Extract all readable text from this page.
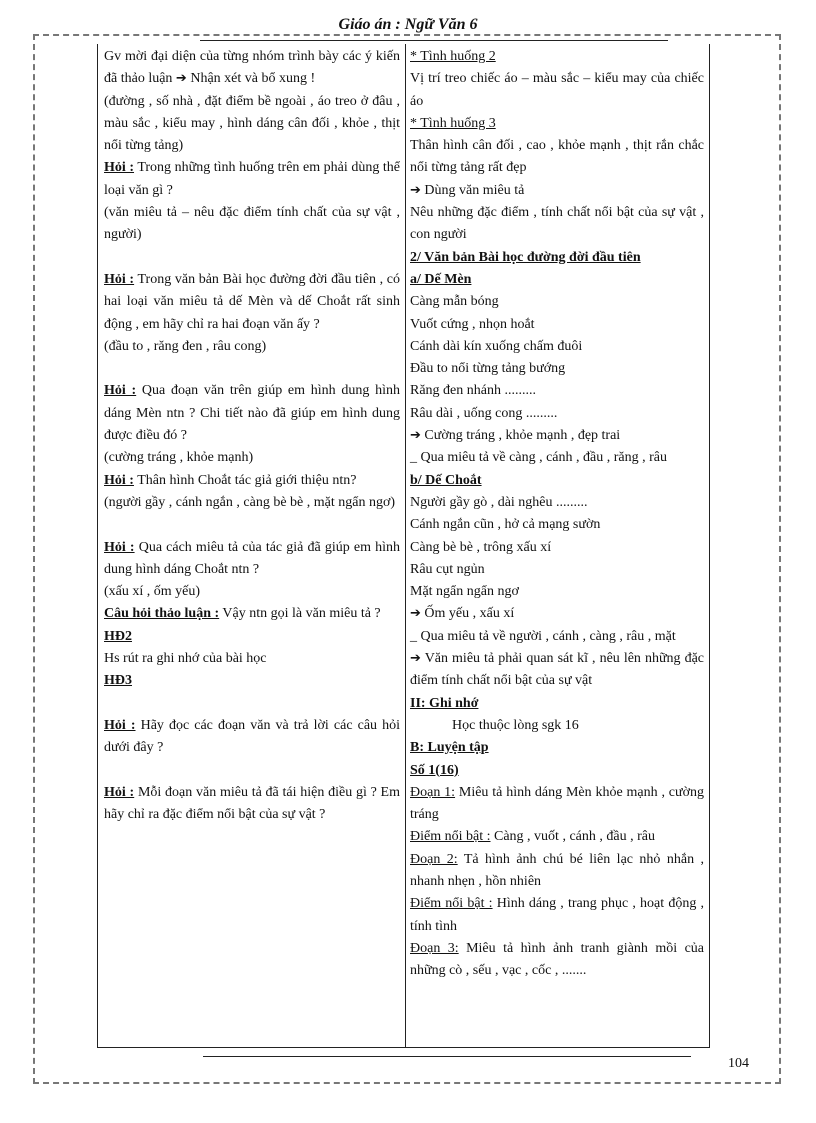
Giáo án : Ngữ Văn 6

Gv mời đại diện của từng nhóm trình bày các ý kiến đã thảo luận ➔ Nhận xét và bổ xung !

(đường , số nhà , đặt điểm bề ngoài , áo treo ở đâu , màu sắc , kiểu may , hình dáng cân đối , khỏe , thịt nổi từng tảng)

Hỏi : Trong những tình huống trên em phải dùng thể loại văn gì ?

(văn miêu tả – nêu đặc điểm tính chất của sự vật , người)

Hỏi : Trong văn bản Bài học đường đời đầu tiên , có hai loại văn miêu tả dế Mèn và dế Choắt rất sinh động , em hãy chỉ ra hai đoạn văn ấy ?

(đầu to , răng đen , râu cong)

Hỏi : Qua đoạn văn trên giúp em hình dung hình dáng Mèn ntn ? Chi tiết nào đã giúp em hình dung được điều đó ?

(cường tráng , khỏe mạnh)

Hỏi : Thân hình Choắt tác giả giới thiệu ntn?

(người gầy , cánh ngắn , càng bè bè , mặt ngẩn ngơ)

Hỏi : Qua cách miêu tả của tác giả đã giúp em hình dung hình dáng Choắt ntn ?

(xấu xí , ốm yếu)

Câu hỏi thảo luận : Vậy ntn gọi là văn miêu tả ?

HĐ2

Hs rút ra ghi nhớ của bài học

HĐ3

Hỏi : Hãy đọc các đoạn văn và trả lời các câu hỏi dưới đây ?

Hỏi : Mỗi đoạn văn miêu tả đã tái hiện điều gì ? Em hãy chỉ ra đặc điểm nổi bật của sự vật ?

* Tình huống 2

Vị trí treo chiếc áo – màu sắc – kiểu may của chiếc áo

* Tình huống 3

Thân hình cân đối , cao , khỏe mạnh , thịt rắn chắc nổi từng tảng rất đẹp

➔ Dùng văn miêu tả

Nêu những đặc điểm , tính chất nổi bật của sự vật , con người

2/ Văn bản Bài học đường đời đầu tiên

a/ Dế Mèn

Càng mẫn bóng

Vuốt cứng , nhọn hoắt

Cánh dài kín xuống chấm đuôi

Đầu to nổi từng tảng bướng

Răng đen nhánh .........

Râu dài , uống cong .........

➔ Cường tráng , khỏe mạnh , đẹp trai

_ Qua miêu tả về càng , cánh , đầu , răng , râu

b/ Dế Choắt

Người gầy gò , dài nghêu .........

Cánh ngắn cũn , hở cả mạng sườn

Càng bè bè , trông xấu xí

Râu cụt ngủn

Mặt ngẩn ngẩn ngơ

➔ Ốm yếu , xấu xí

_ Qua miêu tả về người , cánh , càng , râu , mặt

➔ Văn miêu tả phải quan sát kĩ , nêu lên những đặc điểm tính chất nổi bật của sự vật

II: Ghi nhớ

Học thuộc lòng sgk 16

B: Luyện tập

Số 1(16)

Đoạn 1: Miêu tả hình dáng Mèn khỏe mạnh , cường tráng

Điểm nổi bật : Càng , vuốt , cánh , đầu , râu

Đoạn 2: Tả hình ảnh chú bé liên lạc nhỏ nhắn , nhanh nhẹn , hồn nhiên

Điểm nổi bật : Hình dáng , trang phục , hoạt động , tính tình

Đoạn 3: Miêu tả hình ảnh tranh giành mồi của những cò , sếu , vạc , cốc , .......

104
